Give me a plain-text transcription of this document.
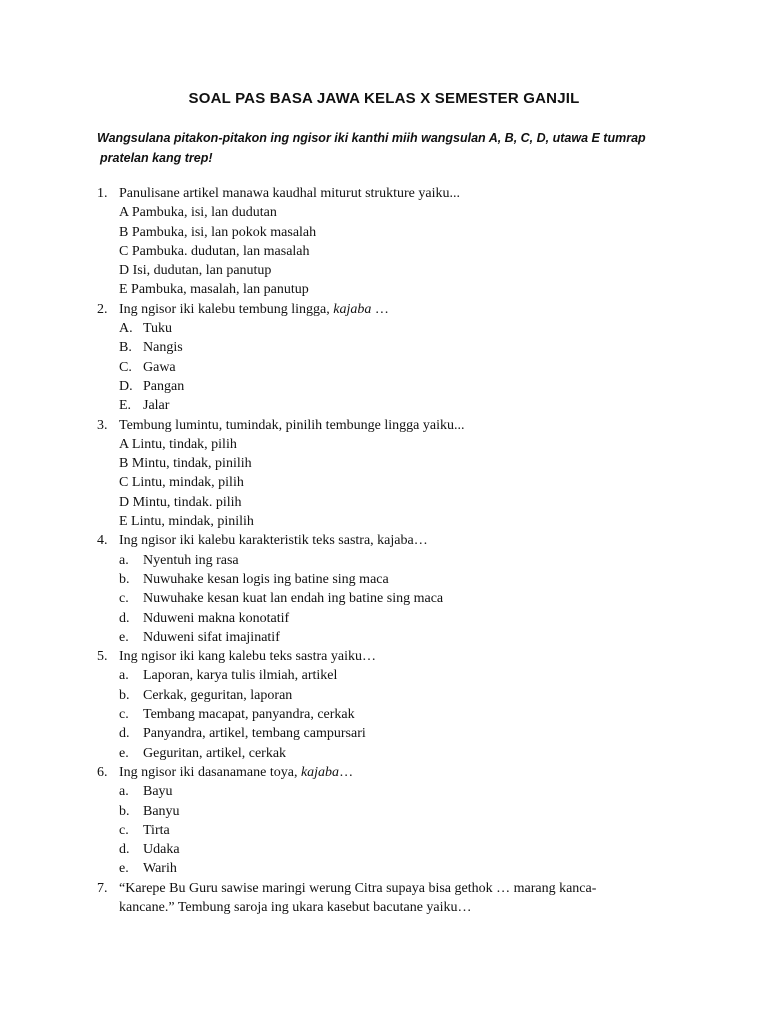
SOAL PAS BASA JAWA KELAS X SEMESTER GANJIL
Wangsulana pitakon-pitakon ing ngisor iki kanthi miih wangsulan A, B, C, D, utawa E tumrap
pratelan kang trep!
1. Panulisane artikel manawa kaudhal miturut strukture yaiku...
A Pambuka, isi, lan dudutan
B Pambuka, isi, lan pokok masalah
C Pambuka. dudutan, lan masalah
D Isi, dudutan, lan panutup
E Pambuka, masalah, lan panutup
2. Ing ngisor iki kalebu tembung lingga, kajaba …
A. Tuku
B. Nangis
C. Gawa
D. Pangan
E. Jalar
3. Tembung lumintu, tumindak, pinilih tembunge lingga yaiku...
A Lintu, tindak, pilih
B Mintu, tindak, pinilih
C Lintu, mindak, pilih
D Mintu, tindak. pilih
E Lintu, mindak, pinilih
4. Ing ngisor iki kalebu karakteristik teks sastra, kajaba…
a.	Nyentuh ing rasa
b. Nuwuhake kesan logis ing batine sing maca
c.	Nuwuhake kesan kuat lan endah ing batine sing maca
d. Nduweni makna konotatif
e.	Nduweni sifat imajinatif
5. Ing ngisor iki kang kalebu teks sastra yaiku…
a.	Laporan, karya tulis ilmiah, artikel
b. Cerkak, geguritan, laporan
c.	Tembang macapat, panyandra, cerkak
d. Panyandra, artikel, tembang campursari
e.	Geguritan, artikel, cerkak
6. Ing ngisor iki dasanamane toya, kajaba…
a.	Bayu
b. Banyu
c.	Tirta
d. Udaka
e.	Warih
7. “Karepe Bu Guru sawise maringi werung Citra supaya bisa gethok … marang kanca-
kancane.” Tembung saroja ing ukara kasebut bacutane yaiku…
